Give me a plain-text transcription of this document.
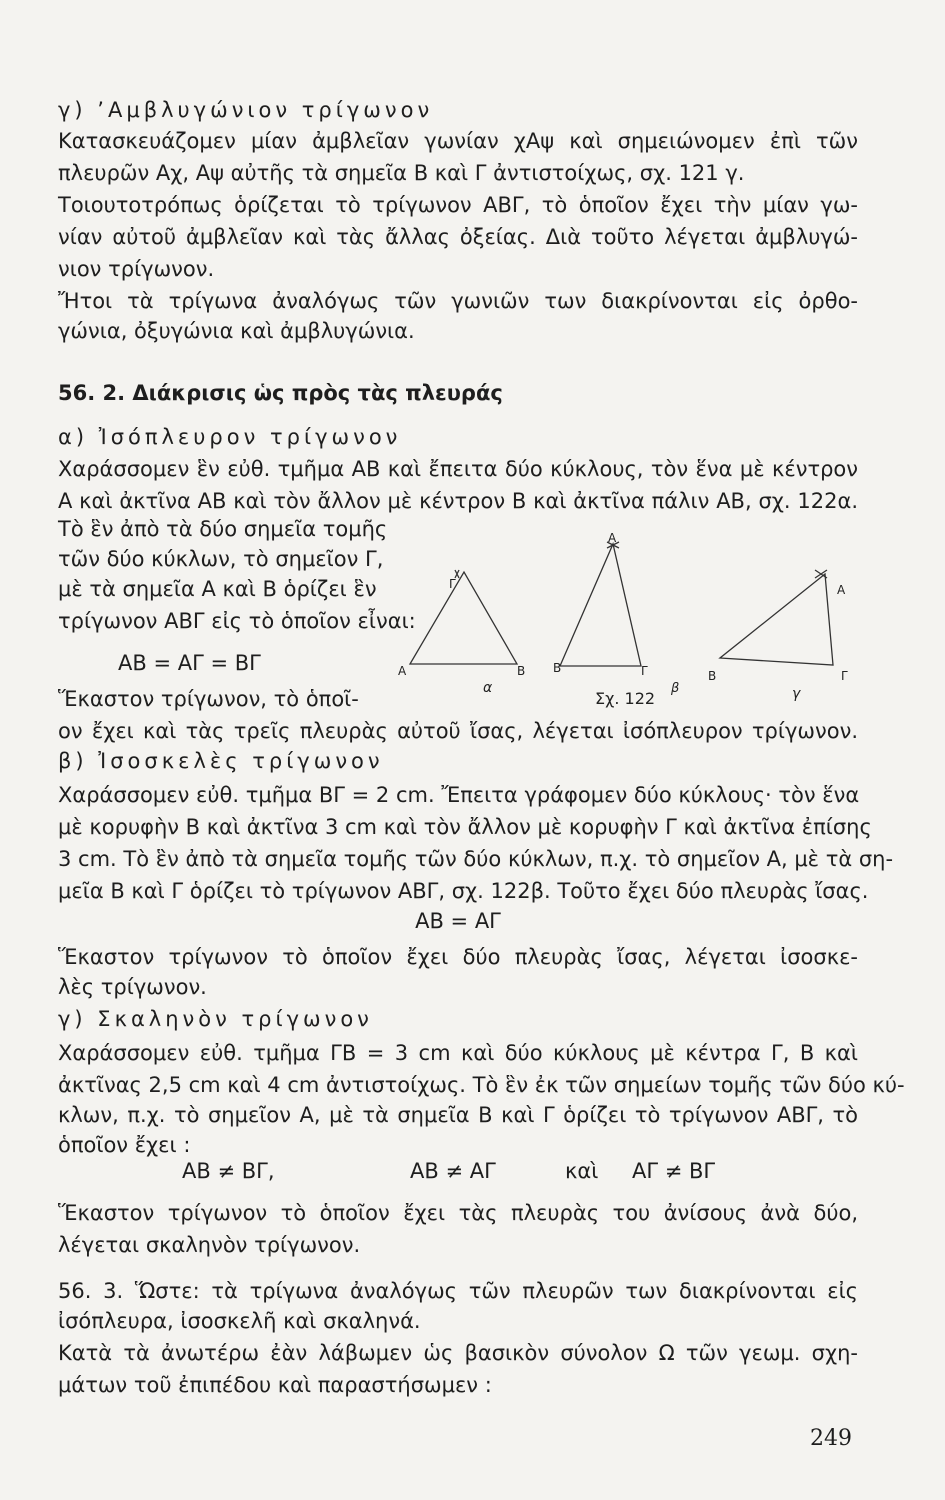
γ) ’Αμβλυγώνιον τρίγωνον
Κατασκευάζομεν μίαν ἀμβλεῖαν γωνίαν χΑψ καὶ σημειώνομεν ἐπὶ τῶν
πλευρῶν Αχ, Αψ αὐτῆς τὰ σημεῖα Β καὶ Γ ἀντιστοίχως, σχ. 121 γ.
Τοιουτοτρόπως ὁρίζεται τὸ τρίγωνον ΑΒΓ, τὸ ὁποῖον ἔχει τὴν μίαν γω-
νίαν αὐτοῦ ἀμβλεῖαν καὶ τὰς ἄλλας ὀξείας. Διὰ τοῦτο λέγεται ἀμβλυγώ-
νιον τρίγωνον.
Ἤτοι τὰ τρίγωνα ἀναλόγως τῶν γωνιῶν των διακρίνονται εἰς ὀρθο-
γώνια, ὀξυγώνια καὶ ἀμβλυγώνια.
56. 2. Διάκρισις ὡς πρὸς τὰς πλευράς
α) Ἰσόπλευρον τρίγωνον
Χαράσσομεν ἓν εὐθ. τμῆμα ΑΒ καὶ ἔπειτα δύο κύκλους, τὸν ἕνα μὲ κέντρον
Α καὶ ἀκτῖνα ΑΒ καὶ τὸν ἄλλον μὲ κέντρον Β καὶ ἀκτῖνα πάλιν ΑΒ, σχ. 122α.
Τὸ ἓν ἀπὸ τὰ δύο σημεῖα τομῆς
τῶν δύο κύκλων, τὸ σημεῖον Γ,
μὲ τὰ σημεῖα Α καὶ Β ὁρίζει ἓν
τρίγωνον ΑΒΓ εἰς τὸ ὁποῖον εἶναι:
ΑΒ = ΑΓ = ΒΓ
Ἕκαστον τρίγωνον, τὸ ὁποῖ-
ον ἔχει καὶ τὰς τρεῖς πλευρὰς αὐτοῦ ἴσας, λέγεται ἰσόπλευρον τρίγωνον.
β) Ἰσοσκελὲς τρίγωνον
Χαράσσομεν εὐθ. τμῆμα ΒΓ = 2 cm. Ἔπειτα γράφομεν δύο κύκλους· τὸν ἕνα
μὲ κορυφὴν Β καὶ ἀκτῖνα 3 cm καὶ τὸν ἄλλον μὲ κορυφὴν Γ καὶ ἀκτῖνα ἐπίσης
3 cm. Τὸ ἓν ἀπὸ τὰ σημεῖα τομῆς τῶν δύο κύκλων, π.χ. τὸ σημεῖον Α, μὲ τὰ ση-
μεῖα Β καὶ Γ ὁρίζει τὸ τρίγωνον ΑΒΓ, σχ. 122β. Τοῦτο ἔχει δύο πλευρὰς ἴσας.
ΑΒ = ΑΓ
Ἕκαστον τρίγωνον τὸ ὁποῖον ἔχει δύο πλευρὰς ἴσας, λέγεται ἰσοσκε-
λὲς τρίγωνον.
γ) Σκαληνὸν τρίγωνον
Χαράσσομεν εὐθ. τμῆμα ΓΒ = 3 cm καὶ δύο κύκλους μὲ κέντρα Γ, Β καὶ
ἀκτῖνας 2,5 cm καὶ 4 cm ἀντιστοίχως. Τὸ ἓν ἐκ τῶν σημείων τομῆς τῶν δύο κύ-
κλων, π.χ. τὸ σημεῖον Α, μὲ τὰ σημεῖα Β καὶ Γ ὁρίζει τὸ τρίγωνον ΑΒΓ, τὸ
ὁποῖον ἔχει :
ΑΒ ≠ ΒΓ,	ΑΒ ≠ ΑΓ	καὶ	ΑΓ ≠ ΒΓ
Ἕκαστον τρίγωνον τὸ ὁποῖον ἔχει τὰς πλευρὰς του ἀνίσους ἀνὰ δύο,
λέγεται σκαληνὸν τρίγωνον.
56. 3. Ὥστε: τὰ τρίγωνα ἀναλόγως τῶν πλευρῶν των διακρίνονται εἰς
ἰσόπλευρα, ἰσοσκελῆ καὶ σκαληνά.
Κατὰ τὰ ἀνωτέρω ἐὰν λάβωμεν ὡς βασικὸν σύνολον Ω τῶν γεωμ. σχη-
μάτων τοῦ ἐπιπέδου καὶ παραστήσωμεν :
Α	Β
Γ
α
Β	Γ
Α
Σχ. 122
β
Β	Γ
Α
γ
249
